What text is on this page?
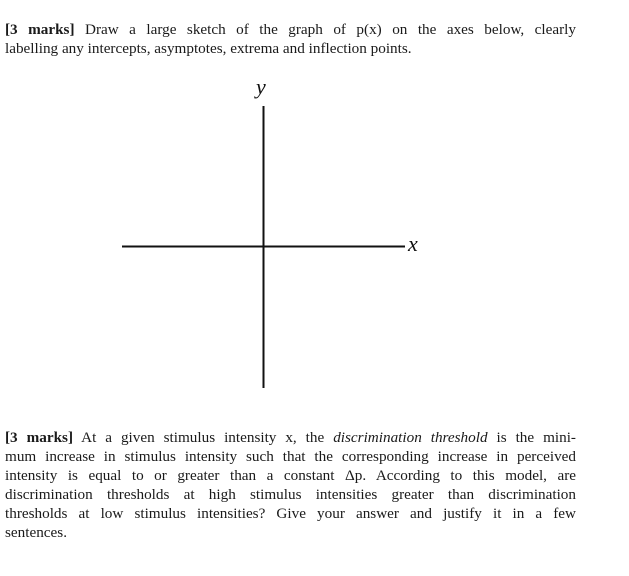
[3 marks] Draw a large sketch of the graph of p(x) on the axes below, clearly
labelling any intercepts, asymptotes, extrema and inflection points.
y
x
[3 marks] At a given stimulus intensity x, the discrimination threshold is the mini-
mum increase in stimulus intensity such that the corresponding increase in perceived
intensity is equal to or greater than a constant Δp. According to this model, are
discrimination thresholds at high stimulus intensities greater than discrimination
thresholds at low stimulus intensities? Give your answer and justify it in a few
sentences.
